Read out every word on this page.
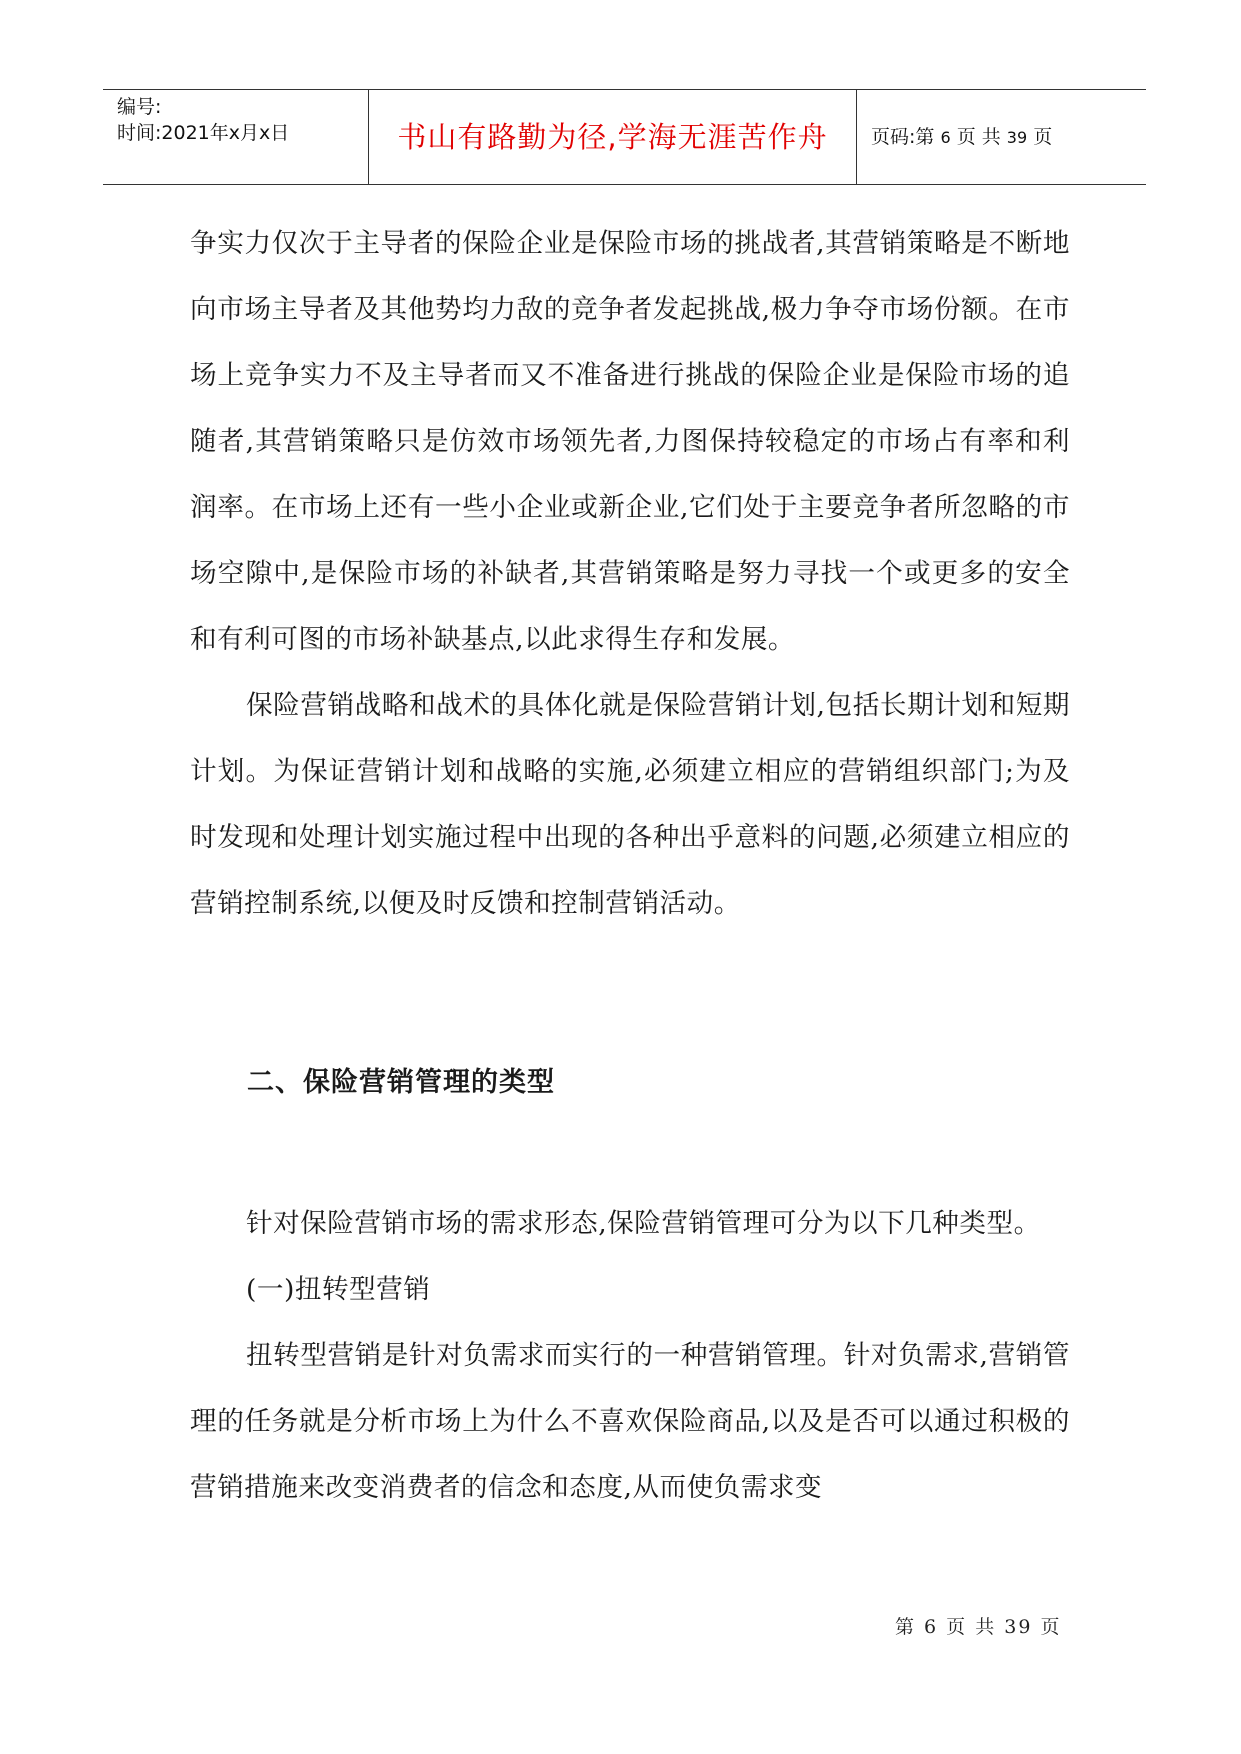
编号:
时间:2021年x月x日	书山有路勤为径,学海无涯苦作舟	页码:第 6 页 共 39 页

争实力仅次于主导者的保险企业是保险市场的挑战者,其营销策略是不断地向市场主导者及其他势均力敌的竞争者发起挑战,极力争夺市场份额。在市场上竞争实力不及主导者而又不准备进行挑战的保险企业是保险市场的追随者,其营销策略只是仿效市场领先者,力图保持较稳定的市场占有率和利润率。在市场上还有一些小企业或新企业,它们处于主要竞争者所忽略的市场空隙中,是保险市场的补缺者,其营销策略是努力寻找一个或更多的安全和有利可图的市场补缺基点,以此求得生存和发展。

保险营销战略和战术的具体化就是保险营销计划,包括长期计划和短期计划。为保证营销计划和战略的实施,必须建立相应的营销组织部门;为及时发现和处理计划实施过程中出现的各种出乎意料的问题,必须建立相应的营销控制系统,以便及时反馈和控制营销活动。

二、保险营销管理的类型

针对保险营销市场的需求形态,保险营销管理可分为以下几种类型。

(一)扭转型营销

扭转型营销是针对负需求而实行的一种营销管理。针对负需求,营销管理的任务就是分析市场上为什么不喜欢保险商品,以及是否可以通过积极的营销措施来改变消费者的信念和态度,从而使负需求变

第 6 页 共 39 页
